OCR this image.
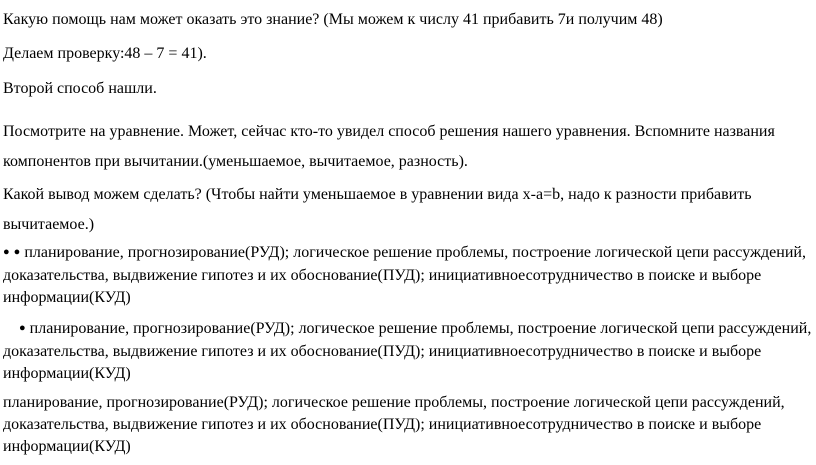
Какую помощь нам может оказать это знание? (Мы можем к числу 41 прибавить 7и получим 48)
Делаем проверку:48 – 7 = 41).
Второй способ нашли.
Посмотрите на уравнение. Может, сейчас кто-то увидел способ решения нашего уравнения. Вспомните названия
компонентов при вычитании.(уменьшаемое, вычитаемое, разность).
Какой вывод можем сделать? (Чтобы найти уменьшаемое в уравнении вида х-а=b, надо к разности прибавить
вычитаемое.)
● ● планирование, прогнозирование(РУД); логическое решение проблемы, построение логической цепи рассуждений,
доказательства, выдвижение гипотез и их обоснование(ПУД); инициативноесотрудничество в поиске и выборе
информации(КУД)
● планирование, прогнозирование(РУД); логическое решение проблемы, построение логической цепи рассуждений,
доказательства, выдвижение гипотез и их обоснование(ПУД); инициативноесотрудничество в поиске и выборе
информации(КУД)
планирование, прогнозирование(РУД); логическое решение проблемы, построение логической цепи рассуждений,
доказательства, выдвижение гипотез и их обоснование(ПУД); инициативноесотрудничество в поиске и выборе
информации(КУД)
